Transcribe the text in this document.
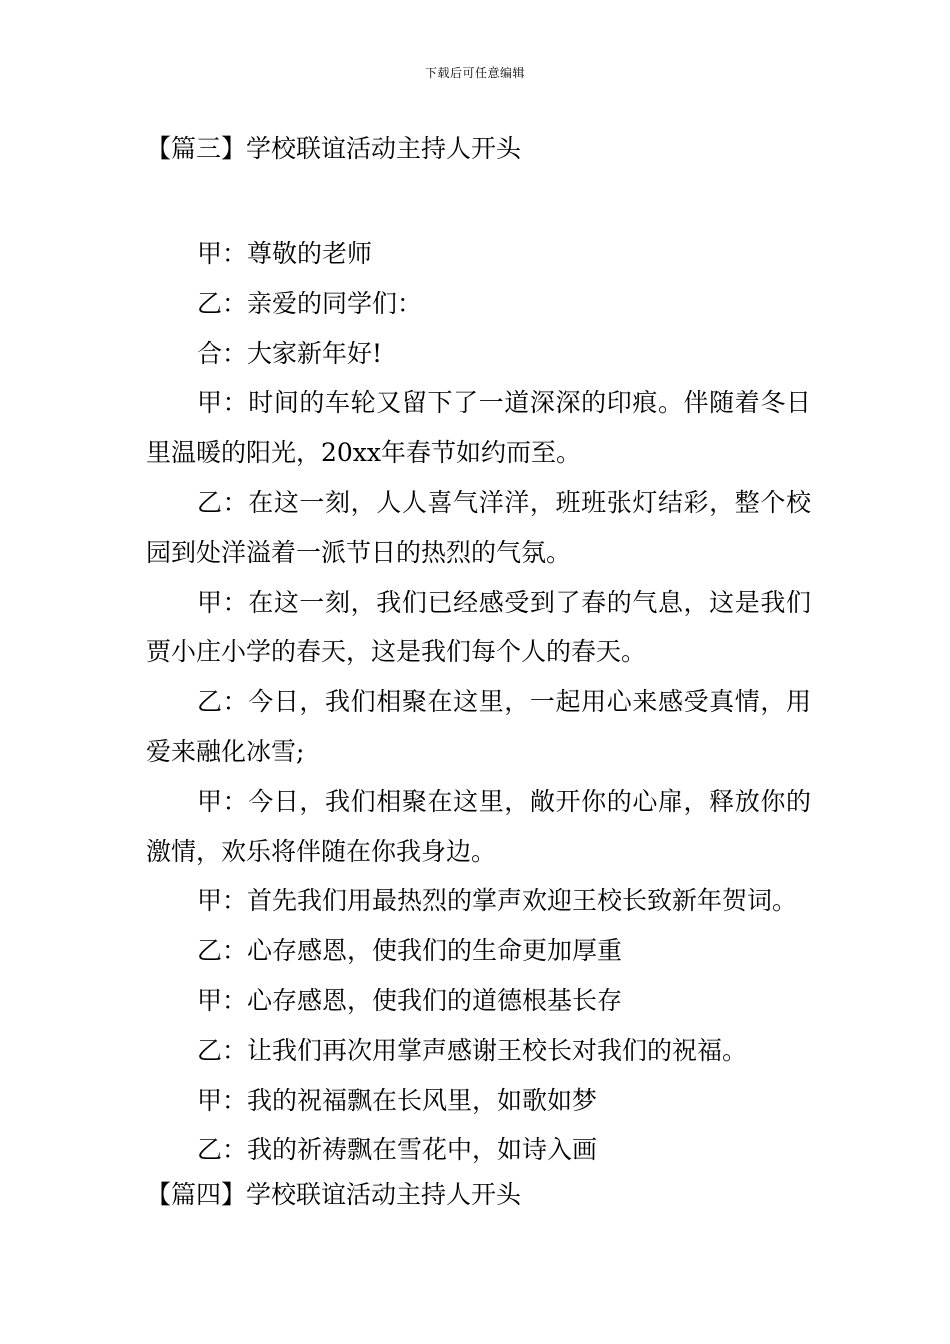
下载后可任意编辑
【篇三】学校联谊活动主持人开头

甲：尊敬的老师

乙：亲爱的同学们：

合：大家新年好!

甲：时间的车轮又留下了一道深深的印痕。伴随着冬日里温暖的阳光，20xx年春节如约而至。

乙：在这一刻，人人喜气洋洋，班班张灯结彩，整个校园到处洋溢着一派节日的热烈的气氛。

甲：在这一刻，我们已经感受到了春的气息，这是我们贾小庄小学的春天，这是我们每个人的春天。

乙：今日，我们相聚在这里，一起用心来感受真情，用爱来融化冰雪;

甲：今日，我们相聚在这里，敞开你的心扉，释放你的激情，欢乐将伴随在你我身边。

甲：首先我们用最热烈的掌声欢迎王校长致新年贺词。

乙：心存感恩，使我们的生命更加厚重

甲：心存感恩，使我们的道德根基长存

乙：让我们再次用掌声感谢王校长对我们的祝福。

甲：我的祝福飘在长风里，如歌如梦

乙：我的祈祷飘在雪花中，如诗入画

【篇四】学校联谊活动主持人开头
